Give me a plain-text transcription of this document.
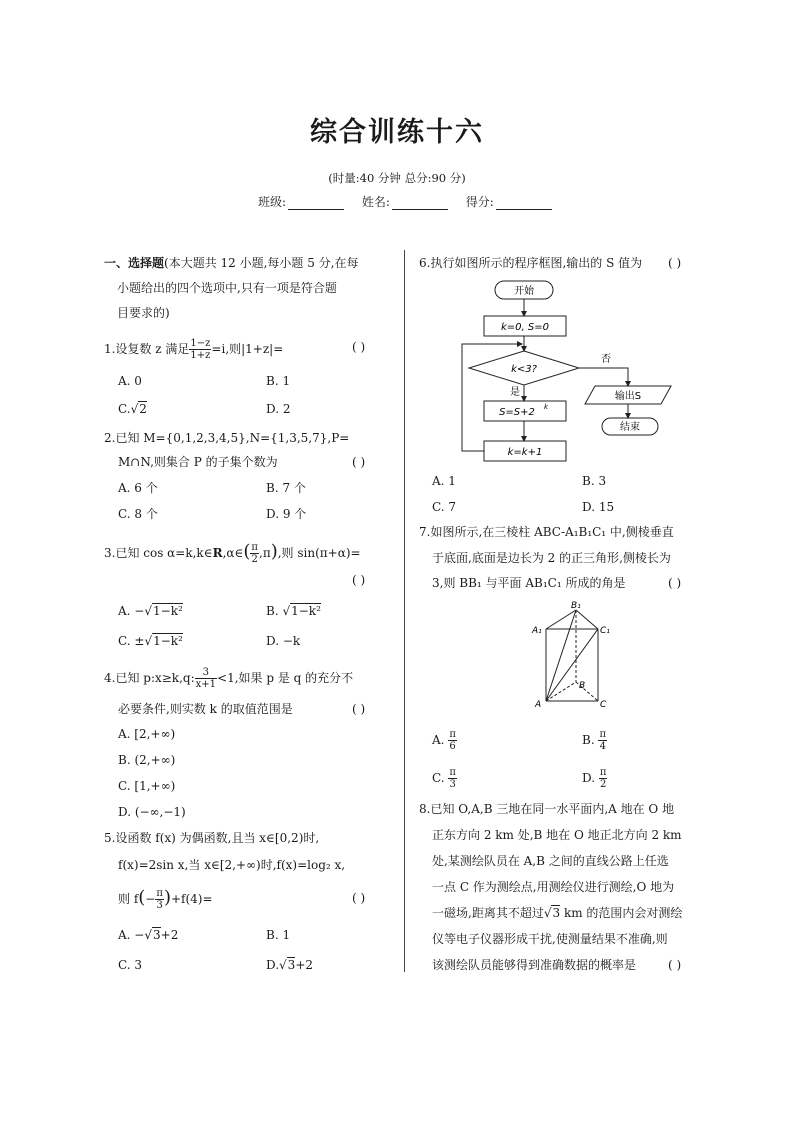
综合训练十六
(时量:40 分钟 总分:90 分)
班级:	姓名:	得分:
一、选择题(本大题共 12 小题,每小题 5 分,在每
小题给出的四个选项中,只有一项是符合题
目要求的)
1.设复数 z 满足 $\frac{1-z}{1+z} =i$,则|1+z|=	( )
A. 0	B. 1
C.√2	D. 2
2.已知 M={0,1,2,3,4,5},N={1,3,5,7},P=
M∩N,则集合 P 的子集个数为	( )
A. 6 个	B. 7 个
C. 8 个	D. 9 个
3.已知 cos α=k,k∈R,α∈( $\frac{\pi}{2} ,\pi$),则 sin(π+α)=
( )
A. −√1−k²	B. √1−k²
C. ±√1−k²	D. −k
4.已知 p:x≥k,q: $\frac{3}{x+1} <1$,如果 p 是 q 的充分不
必要条件,则实数 k 的取值范围是	( )
A. [2,+∞)
B. (2,+∞)
C. [1,+∞)
D. (−∞,−1)
5.设函数 f(x) 为偶函数,且当 x∈[0,2)时,
f(x)=2sin x,当 x∈[2,+∞)时,f(x)=log₂ x,
则 $f(- \frac{\pi}{3} )+f(4)=$	( )
A. −√3+2	B. 1
C. 3	D.√3+2
6.执行如图所示的程序框图,输出的 S 值为 ( )
开始
k=0, S=0
k<3?
否
是
S=S+2 k
输出S
k=k+1
结束
A. 1	B. 3
C. 7	D. 15
7.如图所示,在三棱柱 ABC-A₁B₁C₁ 中,侧棱垂直
于底面,底面是边长为 2 的正三角形,侧棱长为
3,则 BB₁ 与平面 AB₁C₁ 所成的角是	( )
B₁
A₁	C₁
B
A	C
A. $\frac{\pi}{6}$	B. $\frac{\pi}{4}$
C. $\frac{\pi}{3}$	D. $\frac{\pi}{2}$
8.已知 O,A,B 三地在同一水平面内,A 地在 O 地
正东方向 2 km 处,B 地在 O 地正北方向 2 km
处,某测绘队员在 A,B 之间的直线公路上任选
一点 C 作为测绘点,用测绘仪进行测绘,O 地为
一磁场,距离其不超过√3 km 的范围内会对测绘
仪等电子仪器形成干扰,使测量结果不准确,则
该测绘队员能够得到准确数据的概率是	( )
